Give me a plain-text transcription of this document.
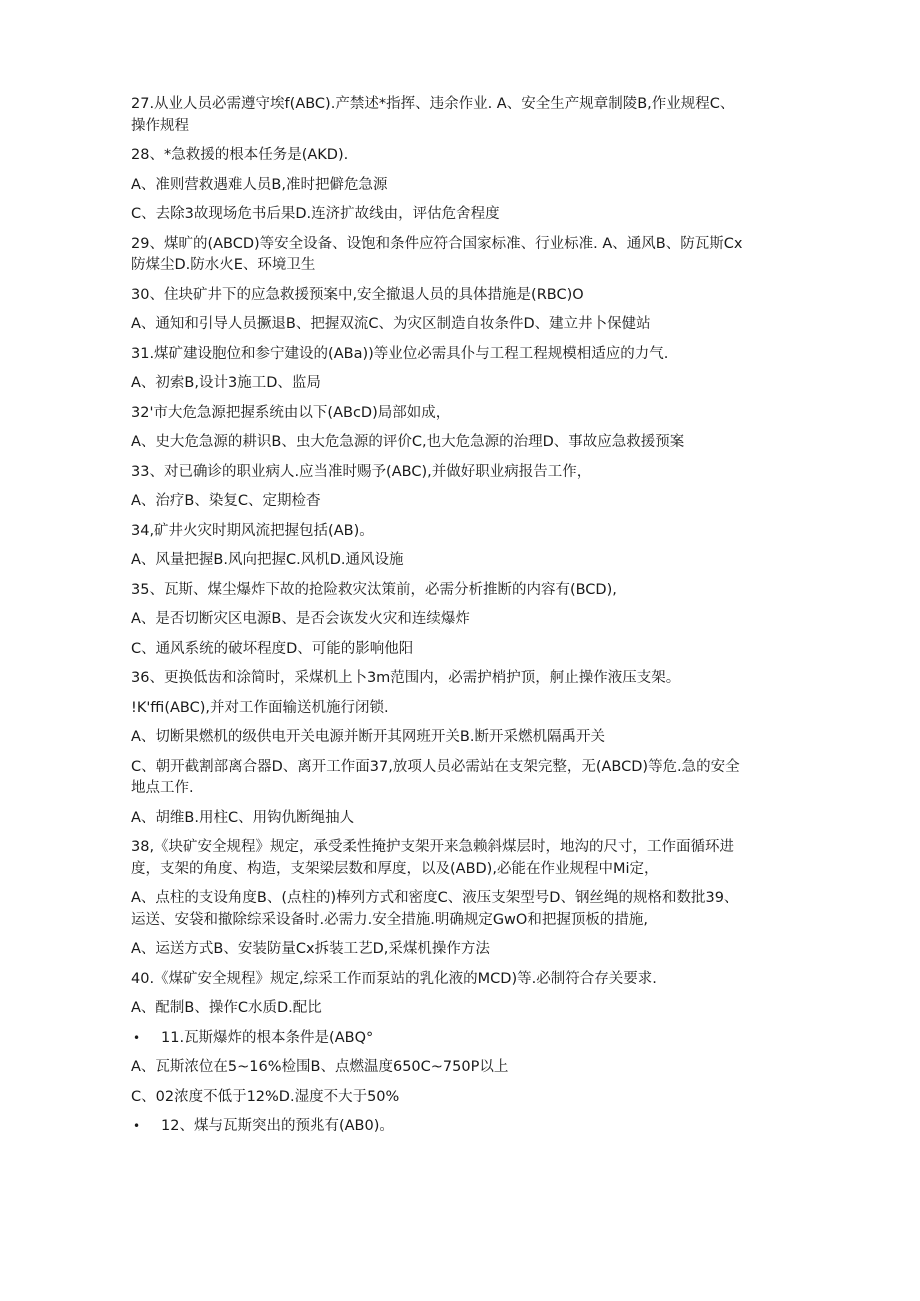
27.从业人员必需遵守埃f(ABC).产禁述*指挥、违余作业. A、安全生产规章制陵B,作业规程C、
操作规程
28、*急救援的根本任务是(AKD).
A、准则营救遇难人员B,准时把僻危急源
C、去除3故现场危书后果D.连济扩故线由，评估危舍程度
29、煤旷的(ABCD)等安全设备、设饱和条件应符合国家标准、行业标准. A、通风B、防瓦斯Cx
防煤尘D.防水火E、环境卫生
30、住块矿井下的应急救援预案中,安全撤退人员的具体措施是(RBC)O
A、通知和引导人员撅退B、把握双流C、为灾区制造自妆条件D、建立井卜保健站
31.煤矿建设胞位和参宁建设的(ABa))等业位必需具仆与工程工程规模相适应的力气.
A、初索B,设计3施工D、监局
32'市大危急源把握系统由以下(ABcD)局部如成，
A、史大危急源的耕识B、虫大危急源的评价C,也大危急源的治理D、事故应急救援预案
33、对已确诊的职业病人.应当准时赐予(ABC),并做好职业病报告工作，
A、治疗B、染复C、定期检杳
34,矿井火灾时期风流把握包括(AB)。
A、风量把握B.风向把握C.风机D.通风设施
35、瓦斯、煤尘爆炸下故的抢险救灾汰策前，必需分析推断的内容有(BCD),
A、是否切断灾区电源B、是否会诙发火灾和连续爆炸
C、通风系统的破坏程度D、可能的影响他阳
36、更换低齿和涂简时，采煤机上卜3m范围内，必需护梢护顶，舸止操作液压支架。
!K'ffi(ABC),并对工作面输送机施行闭锁.
A、切断果燃机的级供电开关电源并断开其网班开关B.断开采燃机隔禹开关
C、朝开截割部离合器D、离开工作面37,放项人员必需站在支架完整，无(ABCD)等危.急的安全
地点工作.
A、胡维B.用柱C、用钩仇断绳抽人
38,《块矿安全规程》规定，承受柔性掩护支架开来急赖斜煤层时，地沟的尺寸，工作面循环进
度，支架的角度、构造，支架梁层数和厚度，以及(ABD),必能在作业规程中Mi定，
A、点柱的支设角度B、(点柱的)棒列方式和密度C、液压支架型号D、钢丝绳的规格和数批39、
运送、安袋和撤除综采设备时.必需力.安全措施.明确规定GwO和把握顶板的措施,
A、运送方式B、安装防量Cx拆装工艺D,采煤机操作方法
40.《煤矿安全规程》规定,综采工作而泵站的乳化液的MCD)等.必制符合存关要求.
A、配制B、操作C水质D.配比
• 11.瓦斯爆炸的根本条件是(ABQ°
A、瓦斯浓位在5~16%检围B、点燃温度650C~750P以上
C、02浓度不低于12%D.湿度不大于50%
• 12、煤与瓦斯突出的预兆有(AB0)。
